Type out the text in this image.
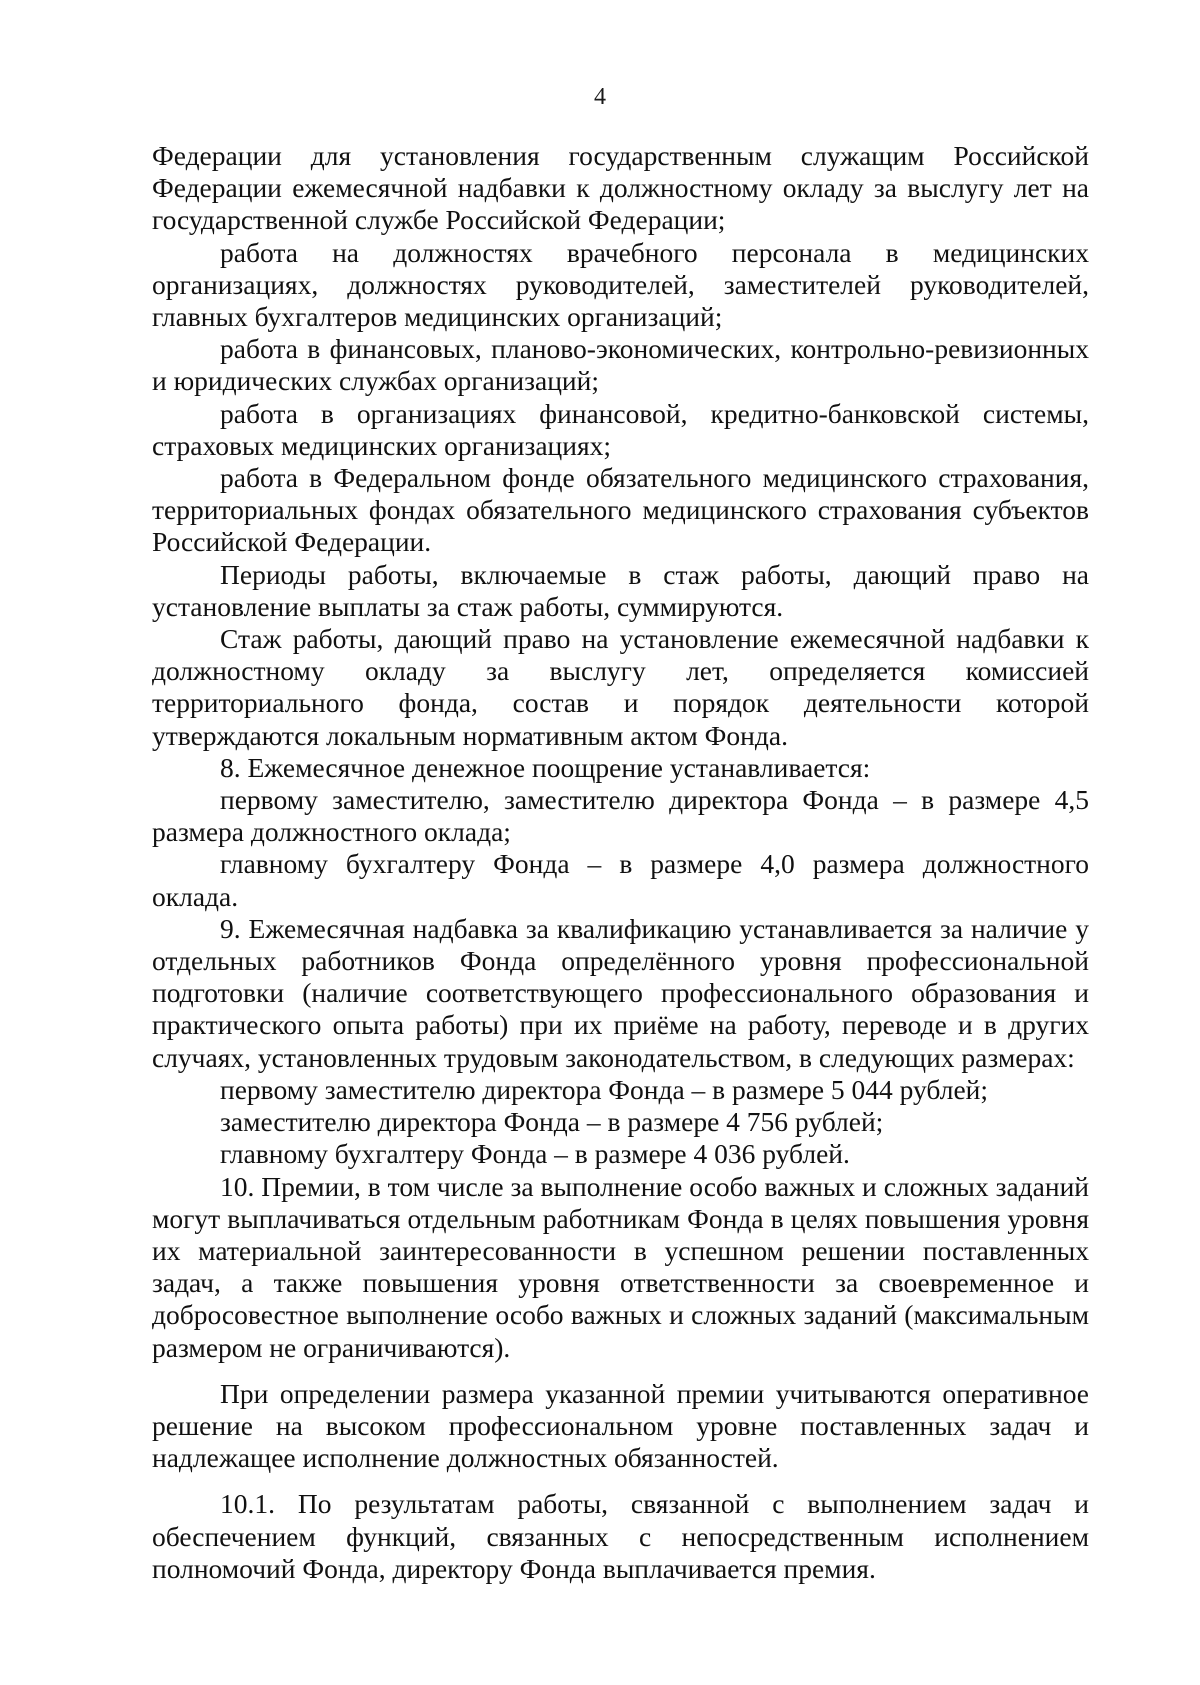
4

Федерации для установления государственным служащим Российской Федерации ежемесячной надбавки к должностному окладу за выслугу лет на государственной службе Российской Федерации;

работа на должностях врачебного персонала в медицинских организациях, должностях руководителей, заместителей руководителей, главных бухгалтеров медицинских организаций;

работа в финансовых, планово-экономических, контрольно-ревизионных и юридических службах организаций;

работа в организациях финансовой, кредитно-банковской системы, страховых медицинских организациях;

работа в Федеральном фонде обязательного медицинского страхования, территориальных фондах обязательного медицинского страхования субъектов Российской Федерации.

Периоды работы, включаемые в стаж работы, дающий право на установление выплаты за стаж работы, суммируются.

Стаж работы, дающий право на установление ежемесячной надбавки к должностному окладу за выслугу лет, определяется комиссией территориального фонда, состав и порядок деятельности которой утверждаются локальным нормативным актом Фонда.

8. Ежемесячное денежное поощрение устанавливается:

первому заместителю, заместителю директора Фонда – в размере 4,5 размера должностного оклада;

главному бухгалтеру Фонда – в размере 4,0 размера должностного оклада.

9. Ежемесячная надбавка за квалификацию устанавливается за наличие у отдельных работников Фонда определённого уровня профессиональной подготовки (наличие соответствующего профессионального образования и практического опыта работы) при их приёме на работу, переводе и в других случаях, установленных трудовым законодательством, в следующих размерах:

первому заместителю директора Фонда – в размере 5 044 рублей;

заместителю директора Фонда – в размере 4 756 рублей;

главному бухгалтеру Фонда – в размере 4 036 рублей.

10. Премии, в том числе за выполнение особо важных и сложных заданий могут выплачиваться отдельным работникам Фонда в целях повышения уровня их материальной заинтересованности в успешном решении поставленных задач, а также повышения уровня ответственности за своевременное и добросовестное выполнение особо важных и сложных заданий (максимальным размером не ограничиваются).

При определении размера указанной премии учитываются оперативное решение на высоком профессиональном уровне поставленных задач и надлежащее исполнение должностных обязанностей.

10.1. По результатам работы, связанной с выполнением задач и обеспечением функций, связанных с непосредственным исполнением полномочий Фонда, директору Фонда выплачивается премия.
